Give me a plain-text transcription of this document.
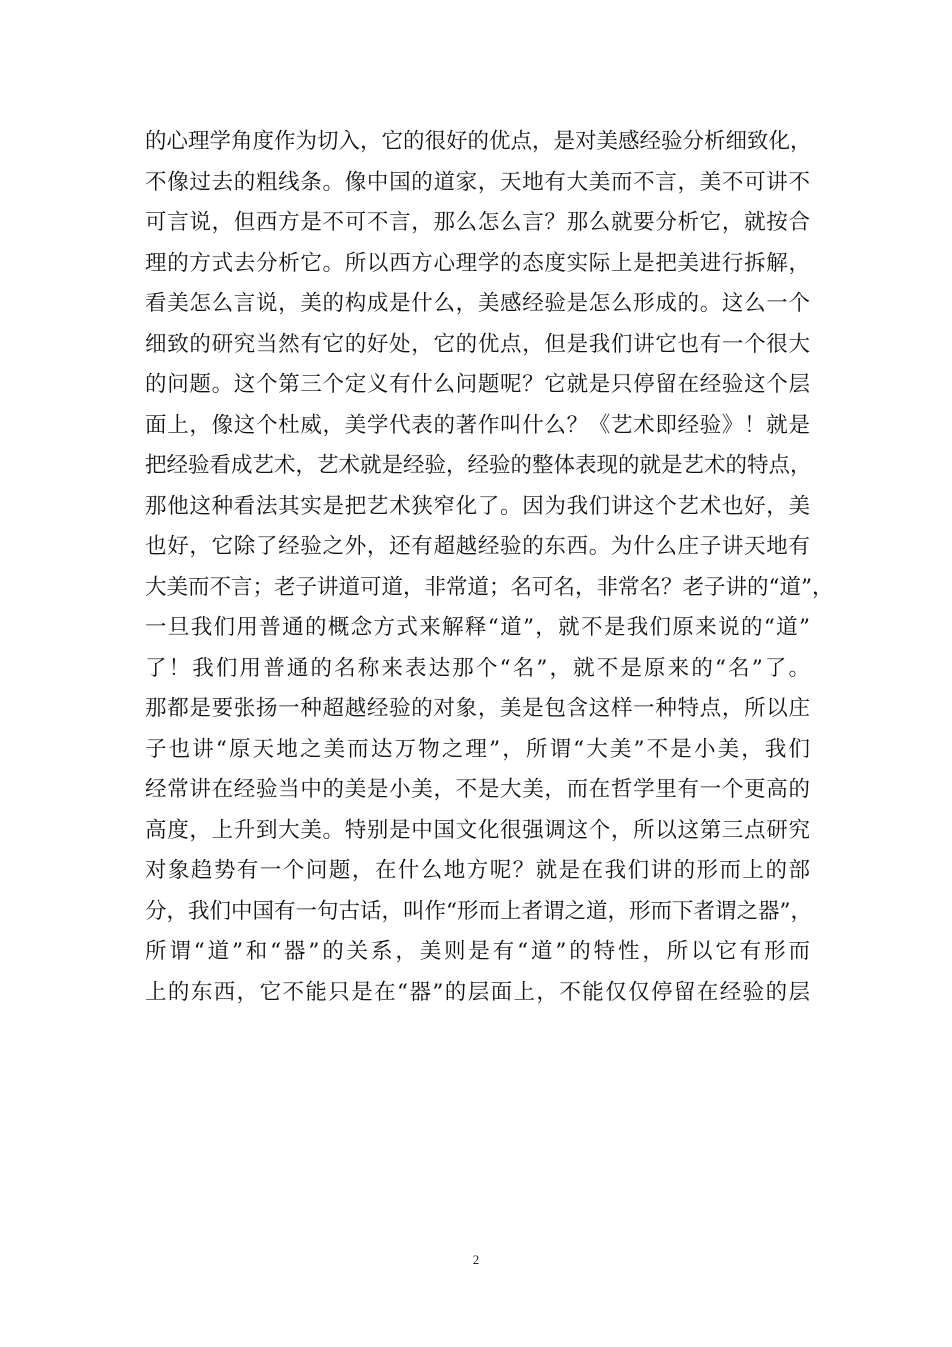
的心理学角度作为切入，它的很好的优点，是对美感经验分析细致化，
不像过去的粗线条。像中国的道家，天地有大美而不言，美不可讲不
可言说，但西方是不可不言，那么怎么言？那么就要分析它，就按合
理的方式去分析它。所以西方心理学的态度实际上是把美进行拆解，
看美怎么言说，美的构成是什么，美感经验是怎么形成的。这么一个
细致的研究当然有它的好处，它的优点，但是我们讲它也有一个很大
的问题。这个第三个定义有什么问题呢？它就是只停留在经验这个层
面上，像这个杜威，美学代表的著作叫什么？《艺术即经验》！就是
把经验看成艺术，艺术就是经验，经验的整体表现的就是艺术的特点，
那他这种看法其实是把艺术狭窄化了。因为我们讲这个艺术也好，美
也好，它除了经验之外，还有超越经验的东西。为什么庄子讲天地有
大美而不言；老子讲道可道，非常道；名可名，非常名？老子讲的“道”，
一旦我们用普通的概念方式来解释“道”，就不是我们原来说的“道”
了！我们用普通的名称来表达那个“名”，就不是原来的“名”了。
那都是要张扬一种超越经验的对象，美是包含这样一种特点，所以庄
子也讲“原天地之美而达万物之理”，所谓“大美”不是小美，我们
经常讲在经验当中的美是小美，不是大美，而在哲学里有一个更高的
高度，上升到大美。特别是中国文化很强调这个，所以这第三点研究
对象趋势有一个问题，在什么地方呢？就是在我们讲的形而上的部
分，我们中国有一句古话，叫作“形而上者谓之道，形而下者谓之器”，
所谓“道”和“器”的关系，美则是有“道”的特性，所以它有形而
上的东西，它不能只是在“器”的层面上，不能仅仅停留在经验的层
2
